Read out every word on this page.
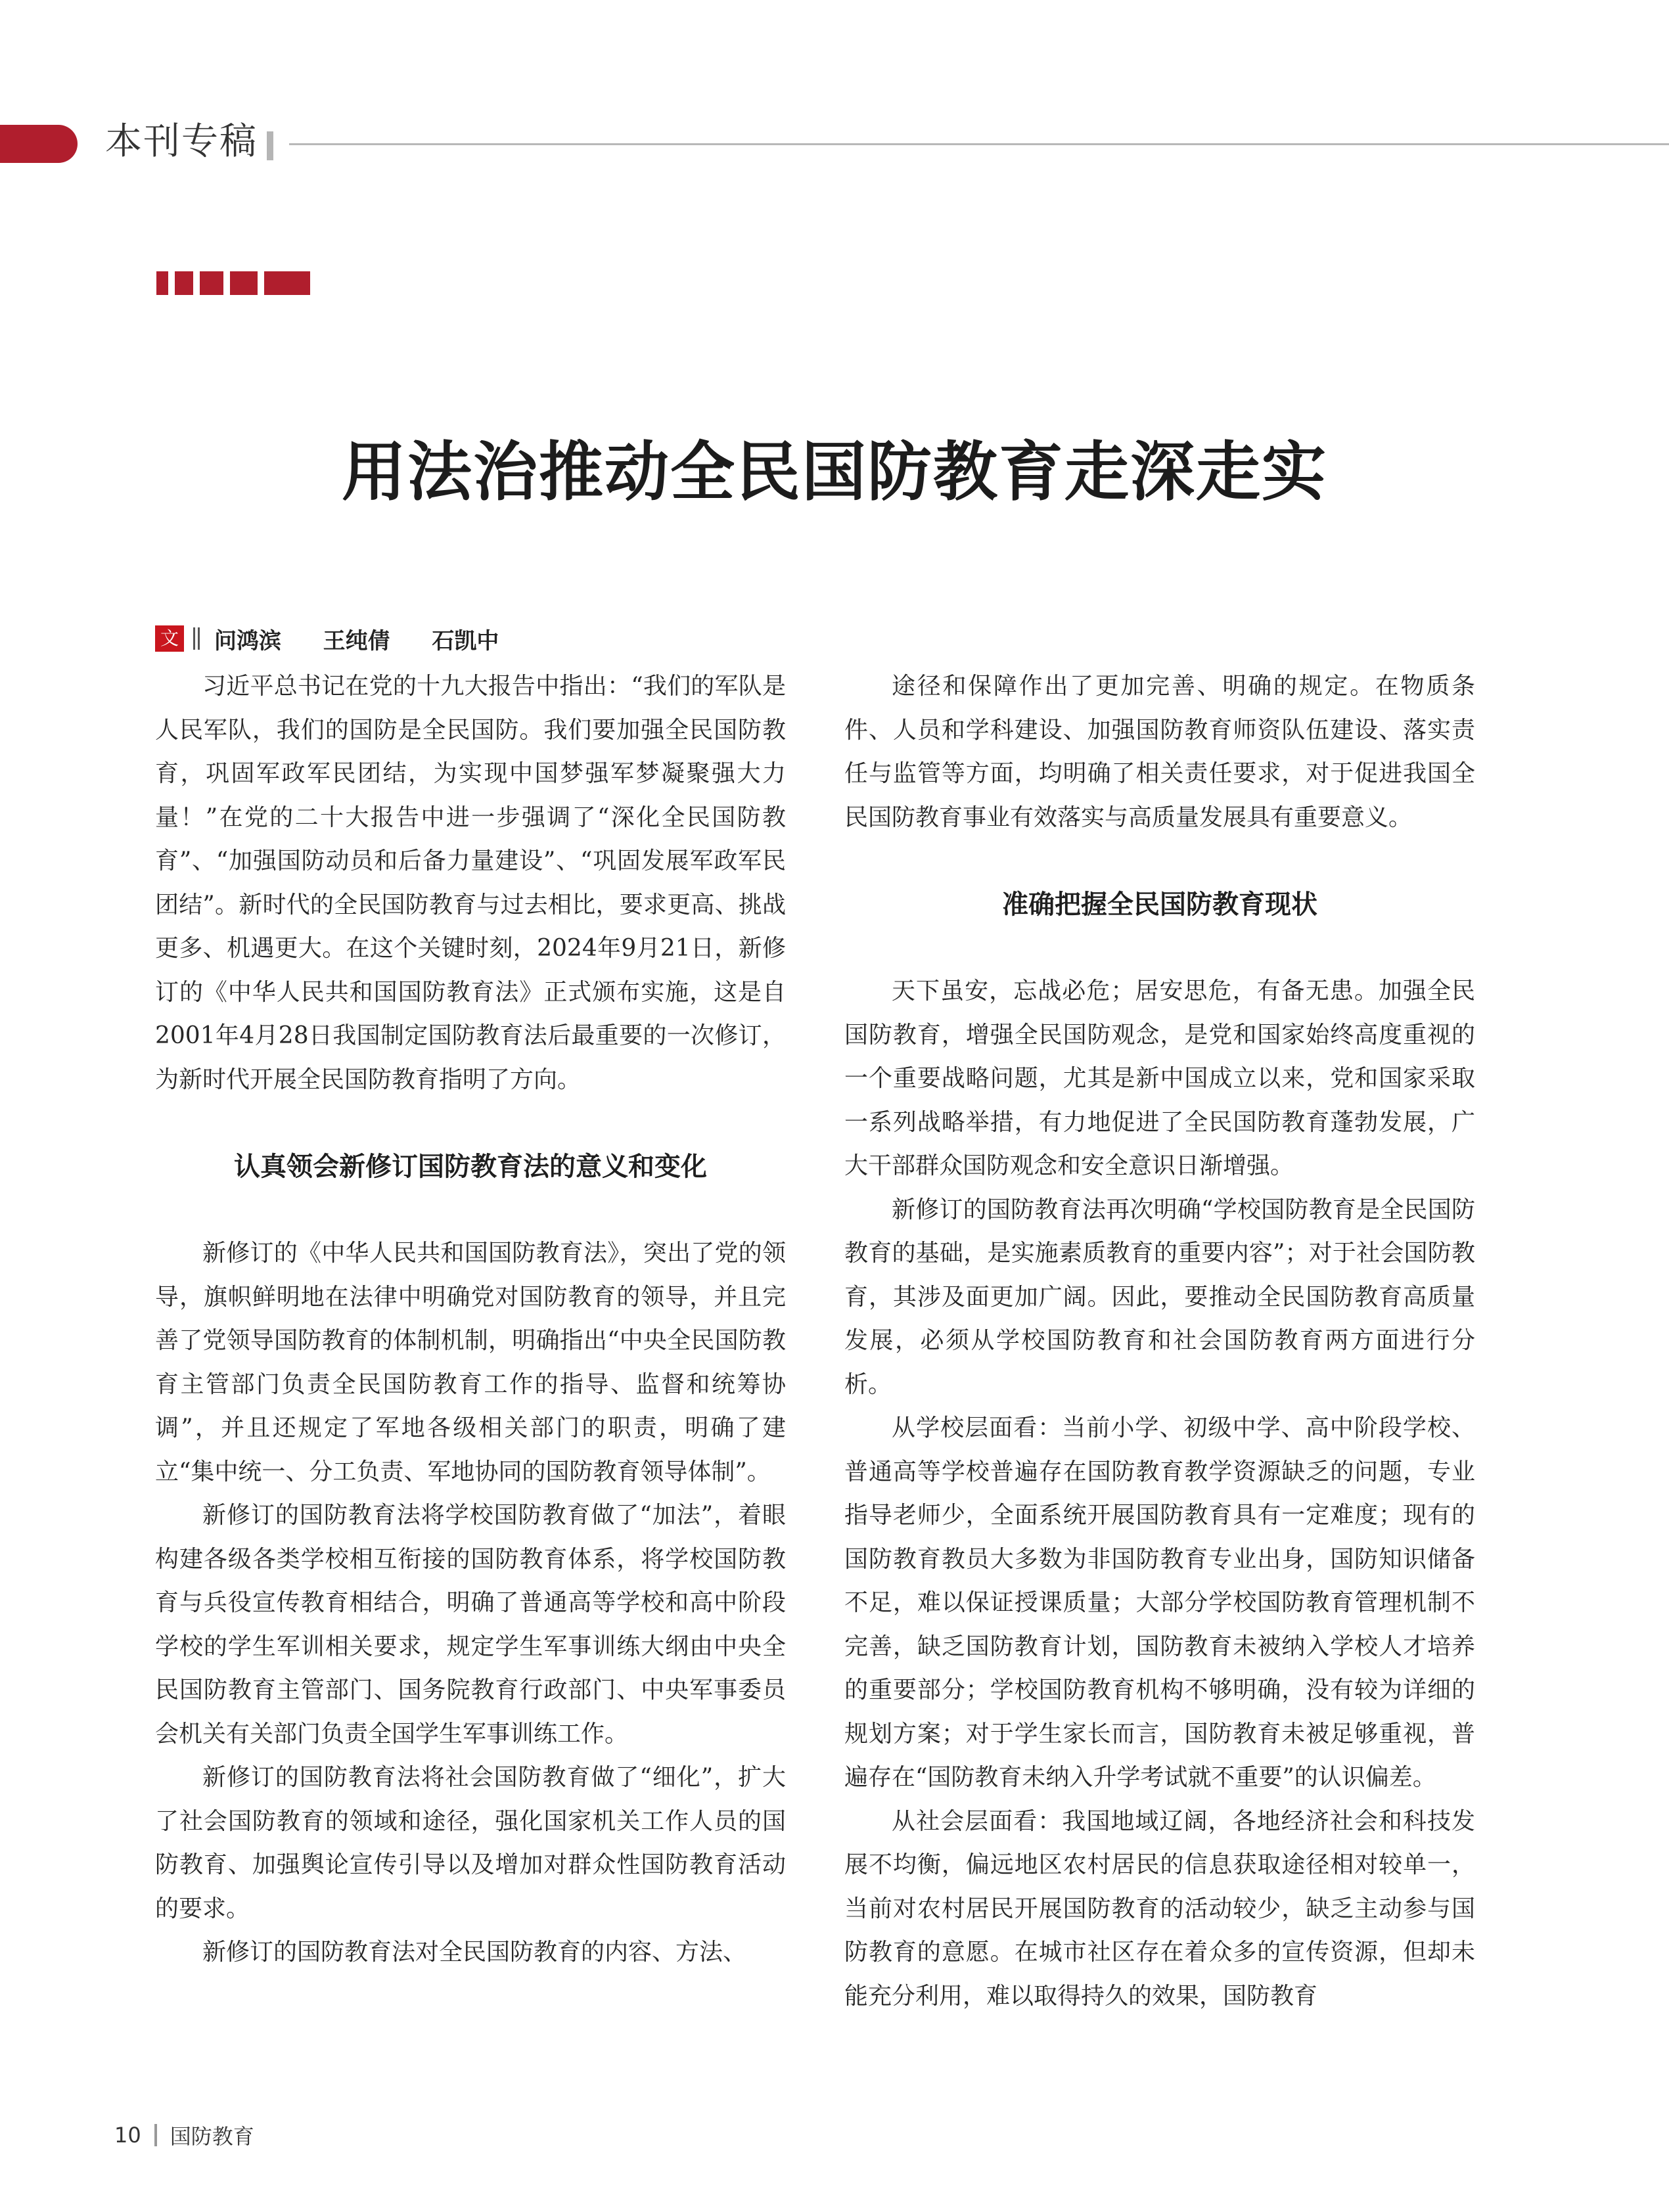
本刊专稿
用法治推动全民国防教育走深走实
文 问鸿滨  王纯倩  石凯中

习近平总书记在党的十九大报告中指出：“我们的军队是人民军队，我们的国防是全民国防。我们要加强全民国防教育，巩固军政军民团结，为实现中国梦强军梦凝聚强大力量！”在党的二十大报告中进一步强调了“深化全民国防教育”、“加强国防动员和后备力量建设”、“巩固发展军政军民团结”。新时代的全民国防教育与过去相比，要求更高、挑战更多、机遇更大。在这个关键时刻，2024年9月21日，新修订的《中华人民共和国国防教育法》正式颁布实施，这是自2001年4月28日我国制定国防教育法后最重要的一次修订，为新时代开展全民国防教育指明了方向。

认真领会新修订国防教育法的意义和变化

新修订的《中华人民共和国国防教育法》，突出了党的领导，旗帜鲜明地在法律中明确党对国防教育的领导，并且完善了党领导国防教育的体制机制，明确指出“中央全民国防教育主管部门负责全民国防教育工作的指导、监督和统筹协调”，并且还规定了军地各级相关部门的职责，明确了建立“集中统一、分工负责、军地协同的国防教育领导体制”。

新修订的国防教育法将学校国防教育做了“加法”，着眼构建各级各类学校相互衔接的国防教育体系，将学校国防教育与兵役宣传教育相结合，明确了普通高等学校和高中阶段学校的学生军训相关要求，规定学生军事训练大纲由中央全民国防教育主管部门、国务院教育行政部门、中央军事委员会机关有关部门负责全国学生军事训练工作。

新修订的国防教育法将社会国防教育做了“细化”，扩大了社会国防教育的领域和途径，强化国家机关工作人员的国防教育、加强舆论宣传引导以及增加对群众性国防教育活动的要求。

新修订的国防教育法对全民国防教育的内容、方法、

途径和保障作出了更加完善、明确的规定。在物质条件、人员和学科建设、加强国防教育师资队伍建设、落实责任与监管等方面，均明确了相关责任要求，对于促进我国全民国防教育事业有效落实与高质量发展具有重要意义。

准确把握全民国防教育现状

天下虽安，忘战必危；居安思危，有备无患。加强全民国防教育，增强全民国防观念，是党和国家始终高度重视的一个重要战略问题，尤其是新中国成立以来，党和国家采取一系列战略举措，有力地促进了全民国防教育蓬勃发展，广大干部群众国防观念和安全意识日渐增强。

新修订的国防教育法再次明确“学校国防教育是全民国防教育的基础，是实施素质教育的重要内容”；对于社会国防教育，其涉及面更加广阔。因此，要推动全民国防教育高质量发展，必须从学校国防教育和社会国防教育两方面进行分析。

从学校层面看：当前小学、初级中学、高中阶段学校、普通高等学校普遍存在国防教育教学资源缺乏的问题，专业指导老师少，全面系统开展国防教育具有一定难度；现有的国防教育教员大多数为非国防教育专业出身，国防知识储备不足，难以保证授课质量；大部分学校国防教育管理机制不完善，缺乏国防教育计划，国防教育未被纳入学校人才培养的重要部分；学校国防教育机构不够明确，没有较为详细的规划方案；对于学生家长而言，国防教育未被足够重视，普遍存在“国防教育未纳入升学考试就不重要”的认识偏差。

从社会层面看：我国地域辽阔，各地经济社会和科技发展不均衡，偏远地区农村居民的信息获取途径相对较单一，当前对农村居民开展国防教育的活动较少，缺乏主动参与国防教育的意愿。在城市社区存在着众多的宣传资源，但却未能充分利用，难以取得持久的效果，国防教育

10 国防教育
